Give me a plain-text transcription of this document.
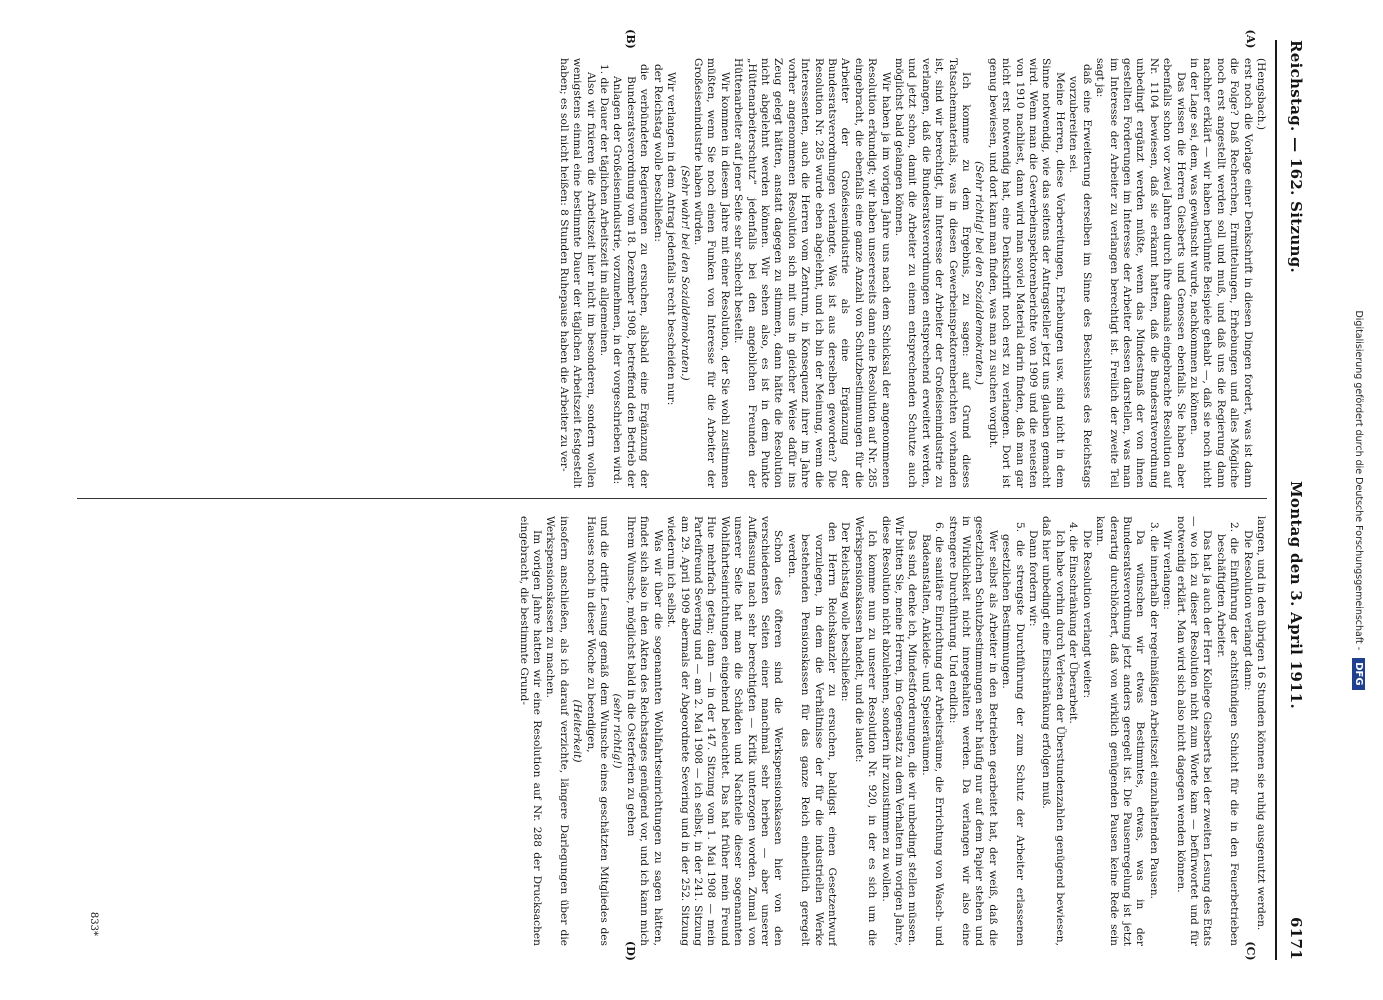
Digitalisierung gefördert durch die Deutsche Forschungsgemeinschaft -
DFG
Reichstag. — 162. Sitzung.
Montag den 3. April 1911.
6171
(A)
(B)
(C)
(D)

(Hengsbach.)

erst noch die Vorlage einer Denkschrift in diesen Dingen fordert, was ist dann die Folge? Daß Recherchen, Ermittelungen, Erhebungen und alles Mögliche noch erst angestellt werden soll und muß, und daß uns die Regierung dann nachher erklärt — wir haben berühmte Beispiele gehabt —, daß sie noch nicht in der Lage sei, dem, was gewünscht wurde, nachkommen zu können.

Das wissen die Herren Giesberts und Genossen ebenfalls. Sie haben aber ebenfalls schon vor zwei Jahren durch ihre damals eingebrachte Resolution auf Nr. 1104 bewiesen, daß sie erkannt hatten, daß die Bundesratverordnung unbedingt ergänzt werden müßte, wenn das Mindestmaß der von ihnen gestellten Forderungen im Interesse der Arbeiter dessen darstellen, was man im Interesse der Arbeiter zu verlangen berechtigt ist. Freilich der zweite Teil sagt ja:

daß eine Erweiterung derselben im Sinne des Beschlusses des Reichstags vorzubereiten sei.

Meine Herren, diese Vorbereitungen, Erhebungen usw. sind nicht in dem Sinne notwendig, wie das seitens der Antragsteller jetzt uns glauben gemacht wird. Wenn man die Gewerbeinspektorenberichte von 1909 und die neuesten von 1910 nachliest, dann wird man soviel Material darin finden, daß man gar nicht erst notwendig hat, eine Denkschrift noch erst zu verlangen. Dort ist genug bewiesen, und dort kann man finden, was man zu suchen vorgibt.

(Sehr richtig! bei den Sozialdemokraten.)

Ich komme zu dem Ergebnis, zu sagen: auf Grund dieses Tatsachenmaterials, was in diesen Gewerbeinspektorenberichten vorhanden ist, sind wir berechtigt, im Interesse der Arbeiter der Großeisenindustrie zu verlangen, daß die Bundesratsverordnungen entsprechend erweitert werden, und jetzt schon, damit die Arbeiter zu einem entsprechenden Schutze auch möglichst bald gelangen können.

Wir haben ja im vorigen Jahre uns nach dem Schicksal der angenommenen Resolution erkundigt; wir haben unsererseits dann eine Resolution auf Nr. 285 eingebracht, die ebenfalls eine ganze Anzahl von Schutzbestimmungen für die Arbeiter der Großeisenindustrie als eine Ergänzung der Bundesratsverordnungen verlangte. Was ist aus derselben geworden? Die Resolution Nr. 285 wurde eben abgelehnt, und ich bin der Meinung, wenn die Interessenten, auch die Herren vom Zentrum, in Konsequenz ihrer im Jahre vorher angenommenen Resolution sich mit uns in gleicher Weise dafür ins Zeug gelegt hätten, anstatt dagegen zu stimmen, dann hätte die Resolution nicht abgelehnt werden können. Wir sehen also, es ist in dem Punkte „Hüttenarbeiterschutz“ jedenfalls bei den angeblichen Freunden der Hüttenarbeiter auf jener Seite sehr schlecht bestellt.

Wir kommen in diesem Jahre mit einer Resolution, der Sie wohl zustimmen müßten, wenn Sie noch einen Funken von Interesse für die Arbeiter der Großeisenindustrie haben würden.

(Sehr wahr! bei den Sozialdemokraten.)

Wir verlangen in dem Antrag jedenfalls recht bescheiden nur:

der Reichstag wolle beschließen:

die verbündeten Regierungen zu ersuchen, alsbald eine Ergänzung der Bundesratsverordnung vom 18. Dezember 1908, betreffend den Betrieb der Anlagen der Großeisenindustrie, vorzunehmen, in der vorgeschrieben wird:

1. die Dauer der täglichen Arbeitszeit im allgemeinen.

Also wir fixieren die Arbeitszeit hier nicht im besonderen, sondern wollen wenigstens einmal eine bestimmte Dauer der täglichen Arbeitszeit festgestellt haben; es soll nicht heißen: 8 Stunden Ruhepause haben die Arbeiter zu ver-

langen, und in den übrigen 16 Stunden können sie ruhig ausgenutzt werden.

Die Resolution verlangt dann:

2. die Einführung der achtstündigen Schicht für die in den Feuerbetrieben beschäftigten Arbeiter.

Das hat ja auch der Herr Kollege Giesberts bei der zweiten Lesung des Etats — wo ich zu dieser Resolution nicht zum Worte kam — befürwortet und für notwendig erklärt. Man wird sich also nicht dagegen wenden können.

Wir verlangen:

3. die innerhalb der regelmäßigen Arbeitszeit einzuhaltenden Pausen.

Da wünschen wir etwas Bestimmtes, etwas, was in der Bundesratsverordnung jetzt anders geregelt ist. Die Pausenregelung ist jetzt derartig durchlöchert, daß von wirklich genügenden Pausen keine Rede sein kann.

Die Resolution verlangt weiter:

4. die Einschränkung der Überarbeit.

Ich habe vorhin durch Verlesen der Überstundenzahlen genügend bewiesen, daß hier unbedingt eine Einschränkung erfolgen muß.

Dann fordern wir:

5. die strengste Durchführung der zum Schutz der Arbeiter erlassenen gesetzlichen Bestimmungen.

Wer selbst als Arbeiter in den Betrieben gearbeitet hat, der weiß, daß die gesetzlichen Schutzbestimmungen sehr häufig nur auf dem Papier stehen und in Wirklichkeit nicht innegehalten werden. Da verlangen wir also eine strengere Durchführung. Und endlich:

6. die sanitäre Einrichtung der Arbeitsräume, die Errichtung von Wasch- und Badeanstalten, Ankleide- und Speiseräumen.

Das sind, denke ich, Mindestforderungen, die wir unbedingt stellen müssen. Wir bitten Sie, meine Herren, im Gegensatz zu dem Verhalten im vorigen Jahre, diese Resolution nicht abzulehnen, sondern ihr zuzustimmen zu wollen.

Ich komme nun zu unserer Resolution Nr. 920, in der es sich um die Werkspensionskassen handelt, und die lautet:

Der Reichstag wolle beschließen:

den Herrn Reichskanzler zu ersuchen, baldigst einen Gesetzentwurf vorzulegen, in dem die Verhältnisse der für die industriellen Werke bestehenden Pensionskassen für das ganze Reich einheitlich geregelt werden.

Schon des öfteren sind die Werkspensionskassen hier von den verschiedensten Seiten einer manchmal sehr herben — aber unserer Auffassung nach sehr berechtigten — Kritik unterzogen worden. Zumal von unserer Seite hat man die Schäden und Nachteile dieser sogenannten Wohlfahrtseinrichtungen eingehend beleuchtet. Das hat früher mein Freund Hue mehrfach getan; dann — in der 147. Sitzung vom 1. Mai 1908 — mein Parteifreund Severing und — am 2. Mai 1908 — ich selbst, in der 241. Sitzung am 29. April 1909 abermals der Abgeordnete Severing und in der 252. Sitzung wiederum ich selbst.

Was wir über die sogenannten Wohlfahrtseinrichtungen zu sagen hätten, findet sich also in den Akten des Reichstages genügend vor, und ich kann mich Ihrem Wunsche, möglichst bald in die Osterferien zu gehen

(sehr richtig!)

und die dritte Lesung gemäß dem Wunsche eines geschätzten Mitgliedes des Hauses noch in dieser Woche zu beendigen,

(Heiterkeit)

insofern anschließen, als ich darauf verzichte, längere Darlegungen über die Werkspensionskassen zu machen.

Im vorigen Jahre hatten wir eine Resolution auf Nr. 288 der Drucksachen eingebracht, die bestimmte Grund-

833*
